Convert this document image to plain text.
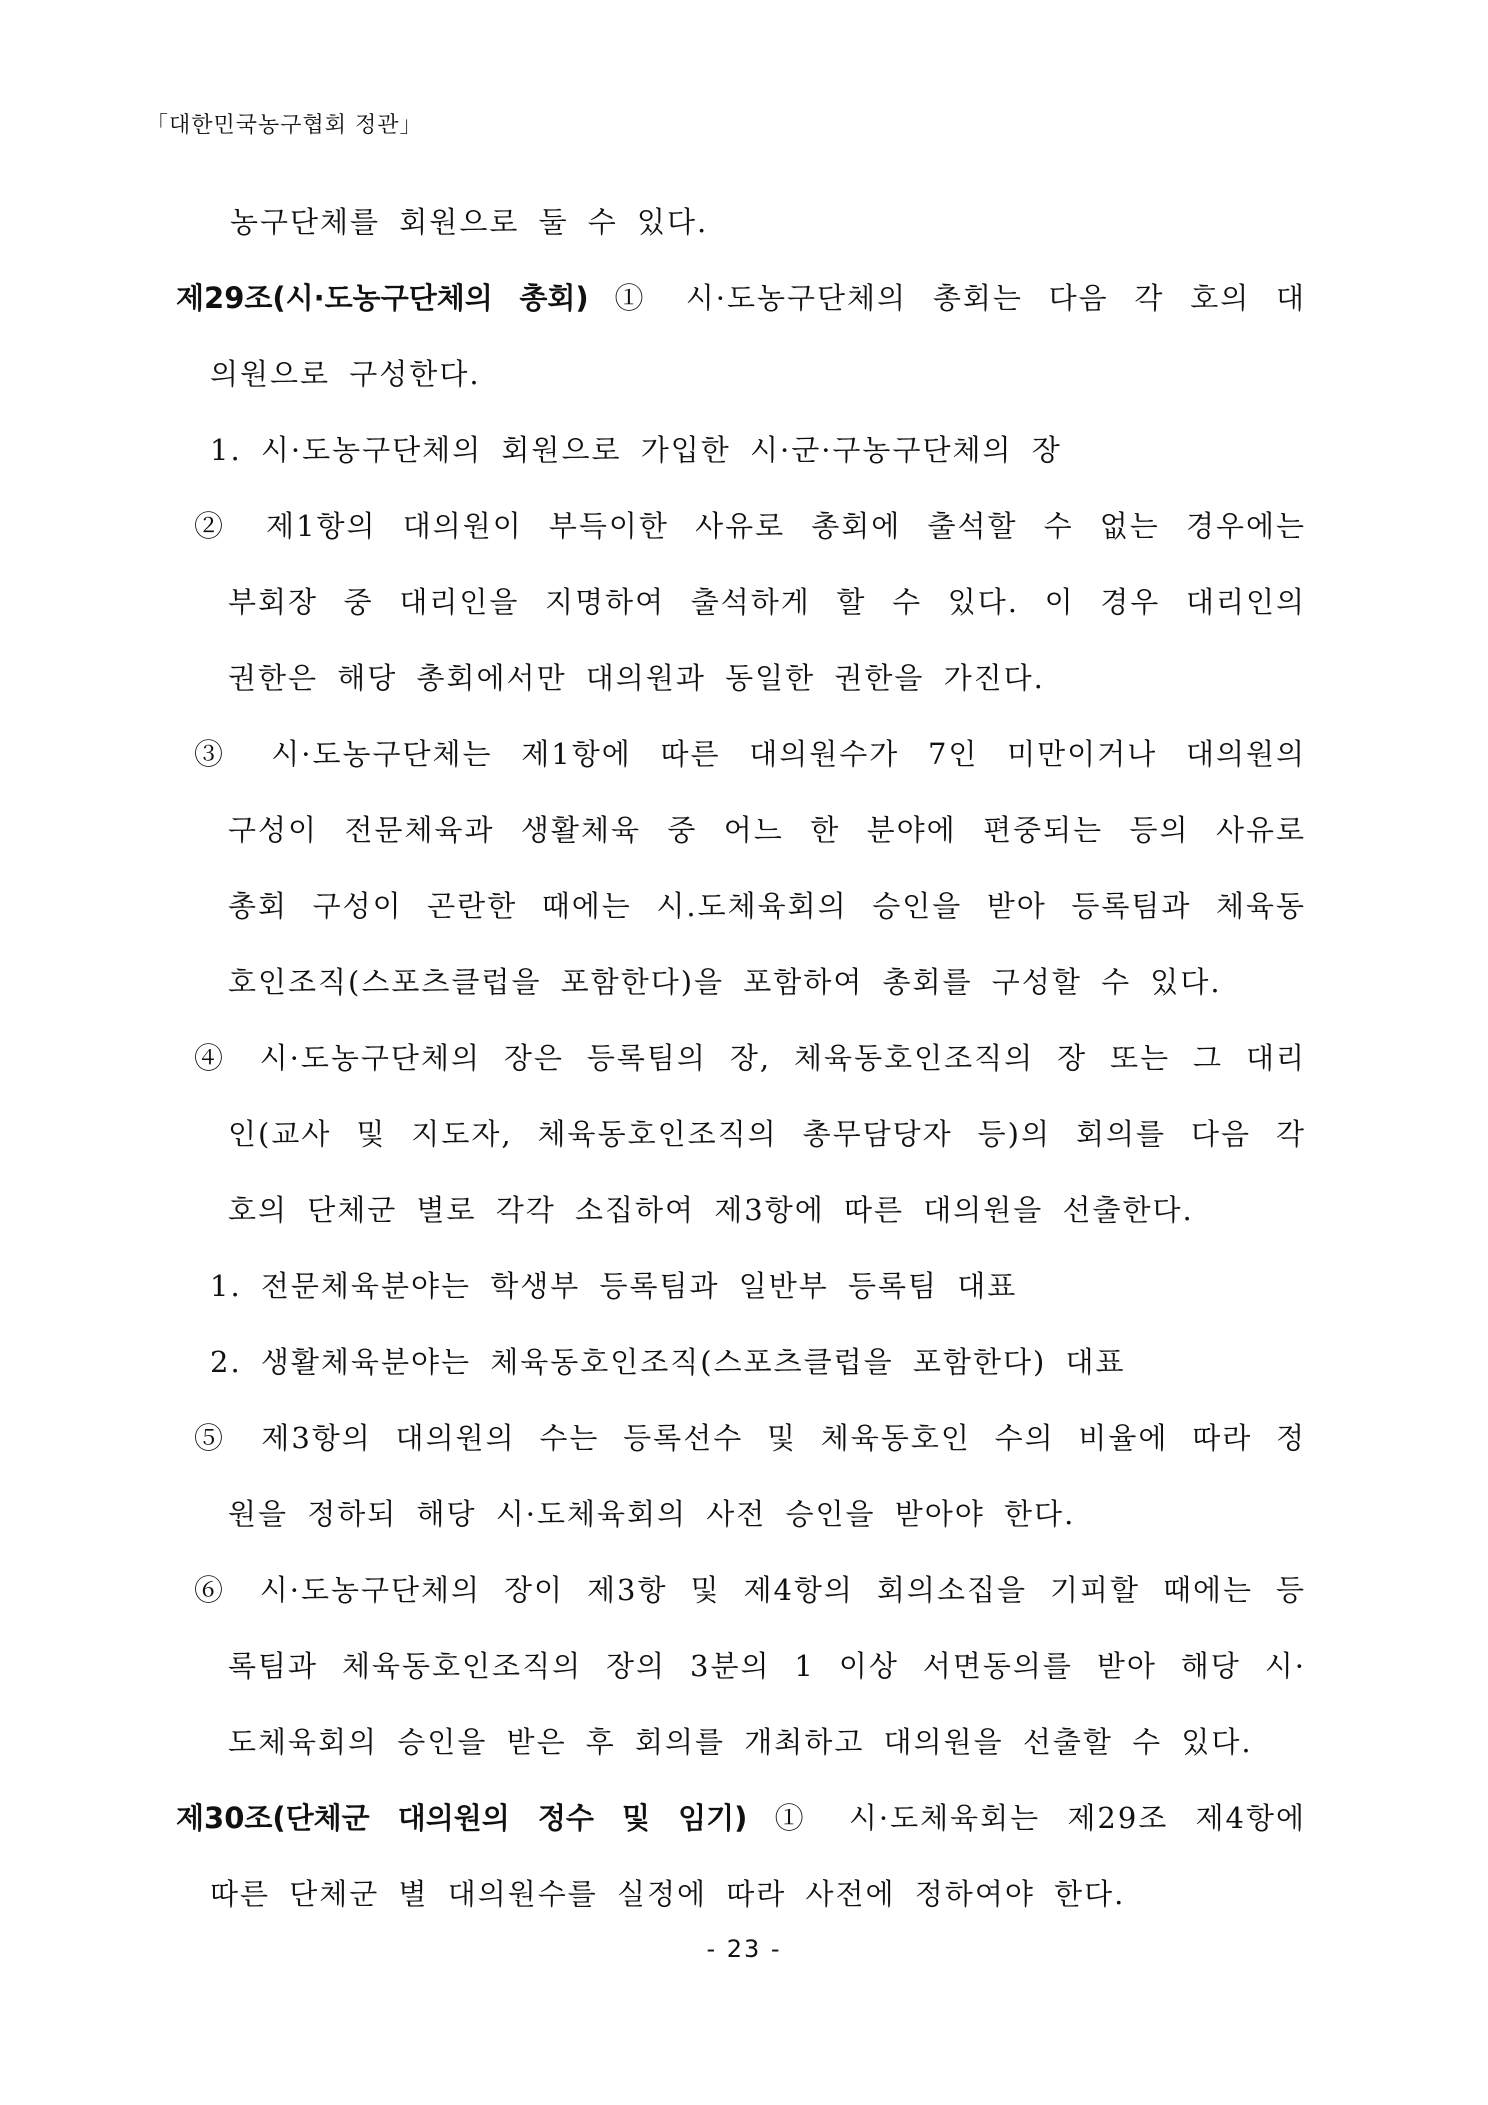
「대한민국농구협회 정관」
농구단체를 회원으로 둘 수 있다.
제29조(시·도농구단체의 총회) ① 시·도농구단체의 총회는 다음 각 호의 대
의원으로 구성한다.
1. 시·도농구단체의 회원으로 가입한 시·군·구농구단체의 장
② 제1항의 대의원이 부득이한 사유로 총회에 출석할 수 없는 경우에는
부회장 중 대리인을 지명하여 출석하게 할 수 있다. 이 경우 대리인의
권한은 해당 총회에서만 대의원과 동일한 권한을 가진다.
③ 시·도농구단체는 제1항에 따른 대의원수가 7인 미만이거나 대의원의
구성이 전문체육과 생활체육 중 어느 한 분야에 편중되는 등의 사유로
총회 구성이 곤란한 때에는 시.도체육회의 승인을 받아 등록팀과 체육동
호인조직(스포츠클럽을 포함한다)을 포함하여 총회를 구성할 수 있다.
④ 시·도농구단체의 장은 등록팀의 장, 체육동호인조직의 장 또는 그 대리
인(교사 및 지도자, 체육동호인조직의 총무담당자 등)의 회의를 다음 각
호의 단체군 별로 각각 소집하여 제3항에 따른 대의원을 선출한다.
1. 전문체육분야는 학생부 등록팀과 일반부 등록팀 대표
2. 생활체육분야는 체육동호인조직(스포츠클럽을 포함한다) 대표
⑤ 제3항의 대의원의 수는 등록선수 및 체육동호인 수의 비율에 따라 정
원을 정하되 해당 시·도체육회의 사전 승인을 받아야 한다.
⑥ 시·도농구단체의 장이 제3항 및 제4항의 회의소집을 기피할 때에는 등
록팀과 체육동호인조직의 장의 3분의 1 이상 서면동의를 받아 해당 시·
도체육회의 승인을 받은 후 회의를 개최하고 대의원을 선출할 수 있다.
제30조(단체군 대의원의 정수 및 임기) ① 시·도체육회는 제29조 제4항에
따른 단체군 별 대의원수를 실정에 따라 사전에 정하여야 한다.
- 23 -
